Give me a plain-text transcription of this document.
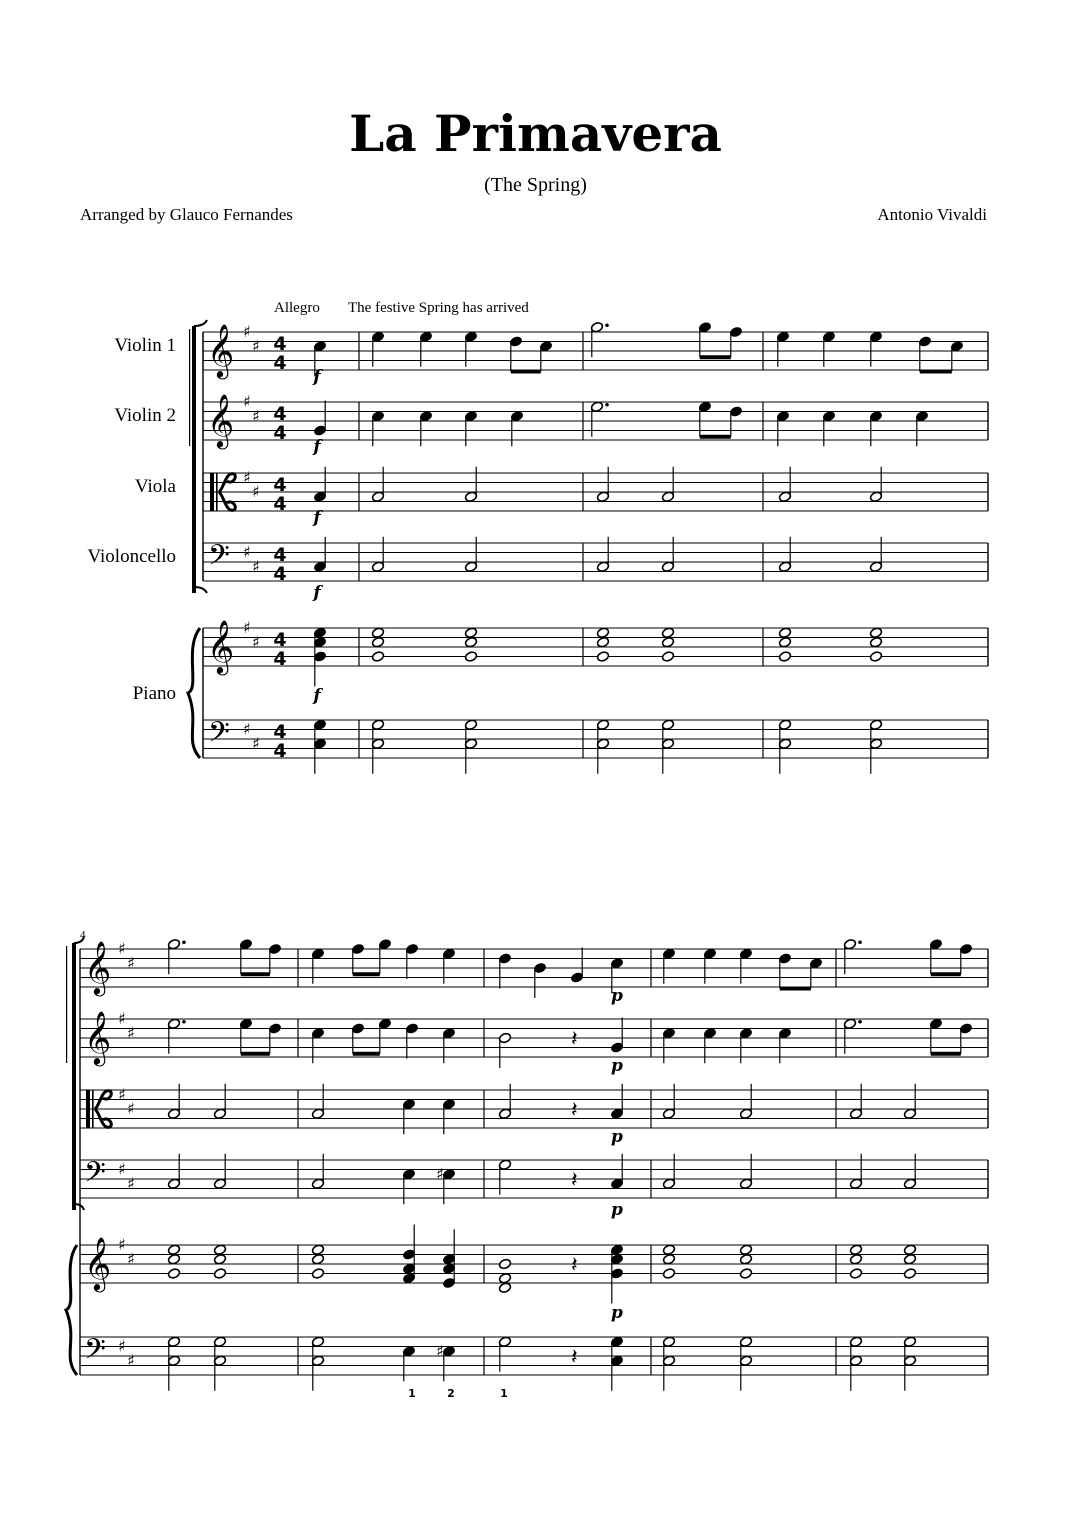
La Primavera
(The Spring)
Arranged by Glauco Fernandes	Antonio Vivaldi
Violin 1
Violin 2
Viola
Violoncello
Piano
Allegro The festive Spring has arrived
4
𝄞 ♯
♯ 4
4
𝄞 ♯
♯ 4
4
♯
♯ 4
4
𝄢 ♯
♯
4
4
𝄞 ♯
♯ 4
4
𝄢 ♯
♯
4
4
f
f
f
f
f
𝄞 ♯
♯
𝄞 ♯
♯
♯
♯
𝄢 ♯
♯
𝄞 ♯
♯
𝄢 ♯
♯
p
𝄽
p
𝄽
p
♯	𝄽
p
𝄽
p
♯	𝄽
1	2	1
